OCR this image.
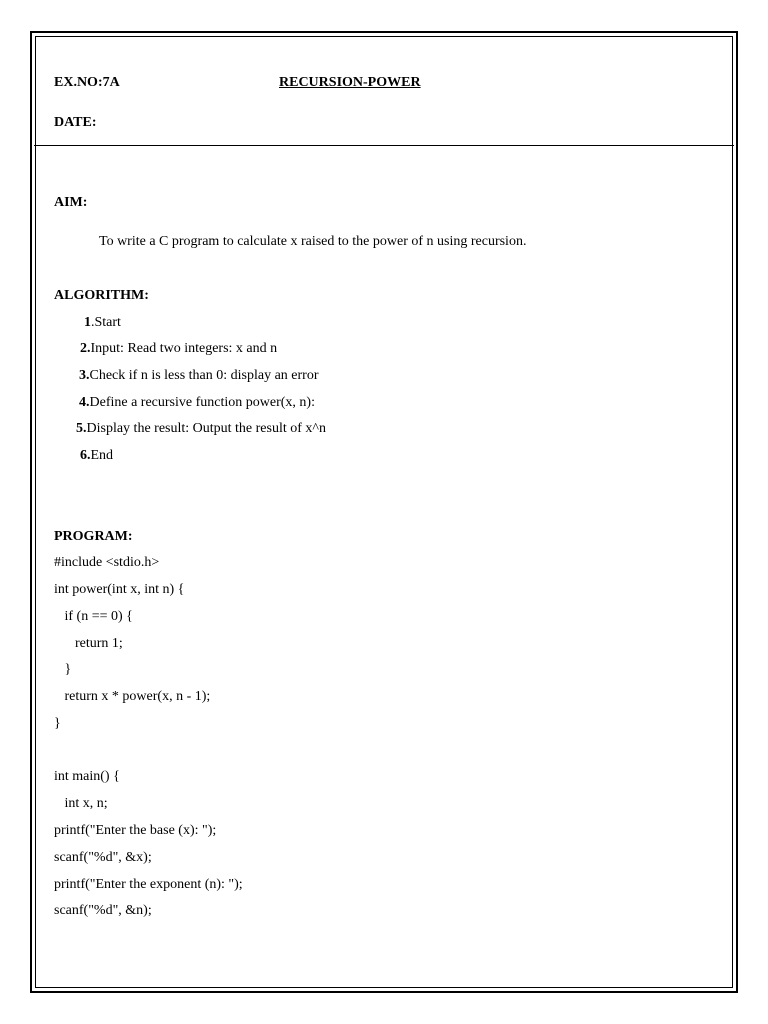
EX.NO:7A	RECURSION-POWER
DATE:
AIM:
To write a C program to calculate x raised to the power of n using recursion.
ALGORITHM:
1.Start
2.Input: Read two integers: x and n
3.Check if n is less than 0: display an error
4.Define a recursive function power(x, n):
5.Display the result: Output the result of x^n
6.End
PROGRAM:
#include <stdio.h>
int power(int x, int n) {
if (n == 0) {
return 1;
}
return x * power(x, n - 1);
}
int main() {
int x, n;
printf("Enter the base (x): ");
scanf("%d", &x);
printf("Enter the exponent (n): ");
scanf("%d", &n);
